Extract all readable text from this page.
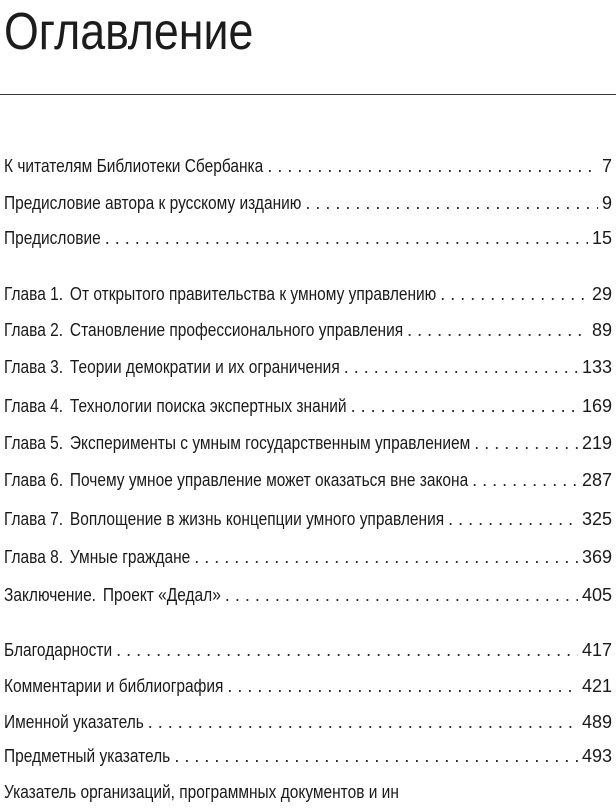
Оглавление
К читателям Библиотеки Сбербанка . . .	7
Предисловие автора к русскому изданию . . .	9
Предисловие . . .	15
Глава 1. От открытого правительства к умному управлению . . .	29
Глава 2. Становление профессионального управления . . .	89
Глава 3. Теории демократии и их ограничения . . .	133
Глава 4. Технологии поиска экспертных знаний . . .	169
Глава 5. Эксперименты с умным государственным управлением . . .	219
Глава 6. Почему умное управление может оказаться вне закона . . .	287
Глава 7. Воплощение в жизнь концепции умного управления . . .	325
Глава 8. Умные граждане . . .	369
Заключение. Проект «Дедал» . . .	405
Благодарности . . .	417
Комментарии и библиография . . .	421
Именной указатель . . .	489
Предметный указатель . . .	493
Указатель организаций, программных документов и ин
